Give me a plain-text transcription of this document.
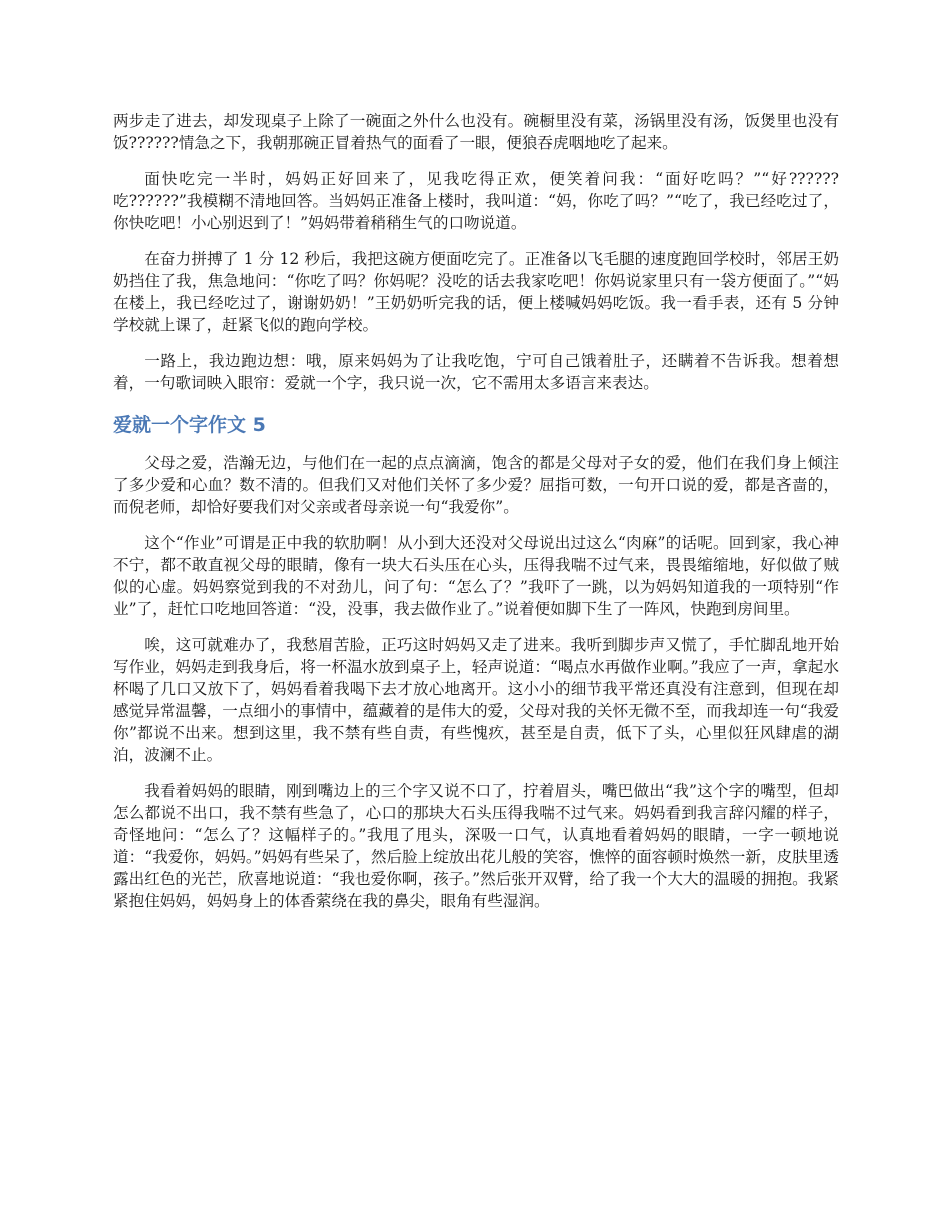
两步走了进去，却发现桌子上除了一碗面之外什么也没有。碗橱里没有菜，汤锅里没有汤，饭煲里也没有饭??????情急之下，我朝那碗正冒着热气的面看了一眼，便狼吞虎咽地吃了起来。

面快吃完一半时，妈妈正好回来了，见我吃得正欢，便笑着问我：“面好吃吗？”“好??????吃??????”我模糊不清地回答。当妈妈正准备上楼时，我叫道：“妈，你吃了吗？”“吃了，我已经吃过了，你快吃吧！小心别迟到了！”妈妈带着稍稍生气的口吻说道。

在奋力拼搏了 1 分 12 秒后，我把这碗方便面吃完了。正准备以飞毛腿的速度跑回学校时，邻居王奶奶挡住了我，焦急地问：“你吃了吗？你妈呢？没吃的话去我家吃吧！你妈说家里只有一袋方便面了。”“妈在楼上，我已经吃过了，谢谢奶奶！”王奶奶听完我的话，便上楼喊妈妈吃饭。我一看手表，还有 5 分钟学校就上课了，赶紧飞似的跑向学校。

一路上，我边跑边想：哦，原来妈妈为了让我吃饱，宁可自己饿着肚子，还瞒着不告诉我。想着想着，一句歌词映入眼帘：爱就一个字，我只说一次，它不需用太多语言来表达。

爱就一个字作文 5

父母之爱，浩瀚无边，与他们在一起的点点滴滴，饱含的都是父母对子女的爱，他们在我们身上倾注了多少爱和心血？数不清的。但我们又对他们关怀了多少爱？屈指可数，一句开口说的爱，都是吝啬的，而倪老师，却恰好要我们对父亲或者母亲说一句“我爱你”。

这个“作业”可谓是正中我的软肋啊！从小到大还没对父母说出过这么“肉麻”的话呢。回到家，我心神不宁，都不敢直视父母的眼睛，像有一块大石头压在心头，压得我喘不过气来，畏畏缩缩地，好似做了贼似的心虚。妈妈察觉到我的不对劲儿，问了句：“怎么了？”我吓了一跳，以为妈妈知道我的一项特别“作业”了，赶忙口吃地回答道：“没，没事，我去做作业了。”说着便如脚下生了一阵风，快跑到房间里。

唉，这可就难办了，我愁眉苦脸，正巧这时妈妈又走了进来。我听到脚步声又慌了，手忙脚乱地开始写作业，妈妈走到我身后，将一杯温水放到桌子上，轻声说道：“喝点水再做作业啊。”我应了一声，拿起水杯喝了几口又放下了，妈妈看着我喝下去才放心地离开。这小小的细节我平常还真没有注意到，但现在却感觉异常温馨，一点细小的事情中，蕴藏着的是伟大的爱，父母对我的关怀无微不至，而我却连一句“我爱你”都说不出来。想到这里，我不禁有些自责，有些愧疚，甚至是自责，低下了头，心里似狂风肆虐的湖泊，波澜不止。

我看着妈妈的眼睛，刚到嘴边上的三个字又说不口了，拧着眉头，嘴巴做出“我”这个字的嘴型，但却怎么都说不出口，我不禁有些急了，心口的那块大石头压得我喘不过气来。妈妈看到我言辞闪耀的样子，奇怪地问：“怎么了？这幅样子的。”我甩了甩头，深吸一口气，认真地看着妈妈的眼睛，一字一顿地说道：“我爱你，妈妈。”妈妈有些呆了，然后脸上绽放出花儿般的笑容，憔悴的面容顿时焕然一新，皮肤里透露出红色的光芒，欣喜地说道：“我也爱你啊，孩子。”然后张开双臂，给了我一个大大的温暖的拥抱。我紧紧抱住妈妈，妈妈身上的体香萦绕在我的鼻尖，眼角有些湿润。
